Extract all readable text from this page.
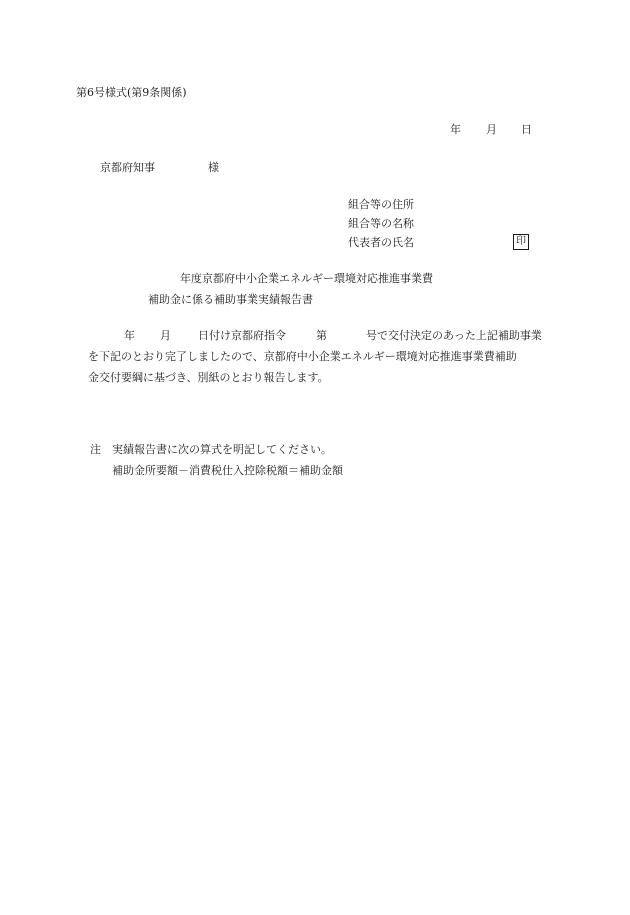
第6号様式(第9条関係)
年 月 日
京都府知事	様
組合等の住所
組合等の名称
代表者の氏名	印
年度京都府中小企業エネルギー環境対応推進事業費
補助金に係る補助事業実績報告書
年 月 日付け京都府指令	第	号で交付決定のあった上記補助事業
を下記のとおり完了しましたので、京都府中小企業エネルギー環境対応推進事業費補助
金交付要綱に基づき、別紙のとおり報告します。
注 実績報告書に次の算式を明記してください。
補助金所要額－消費税仕入控除税額＝補助金額
